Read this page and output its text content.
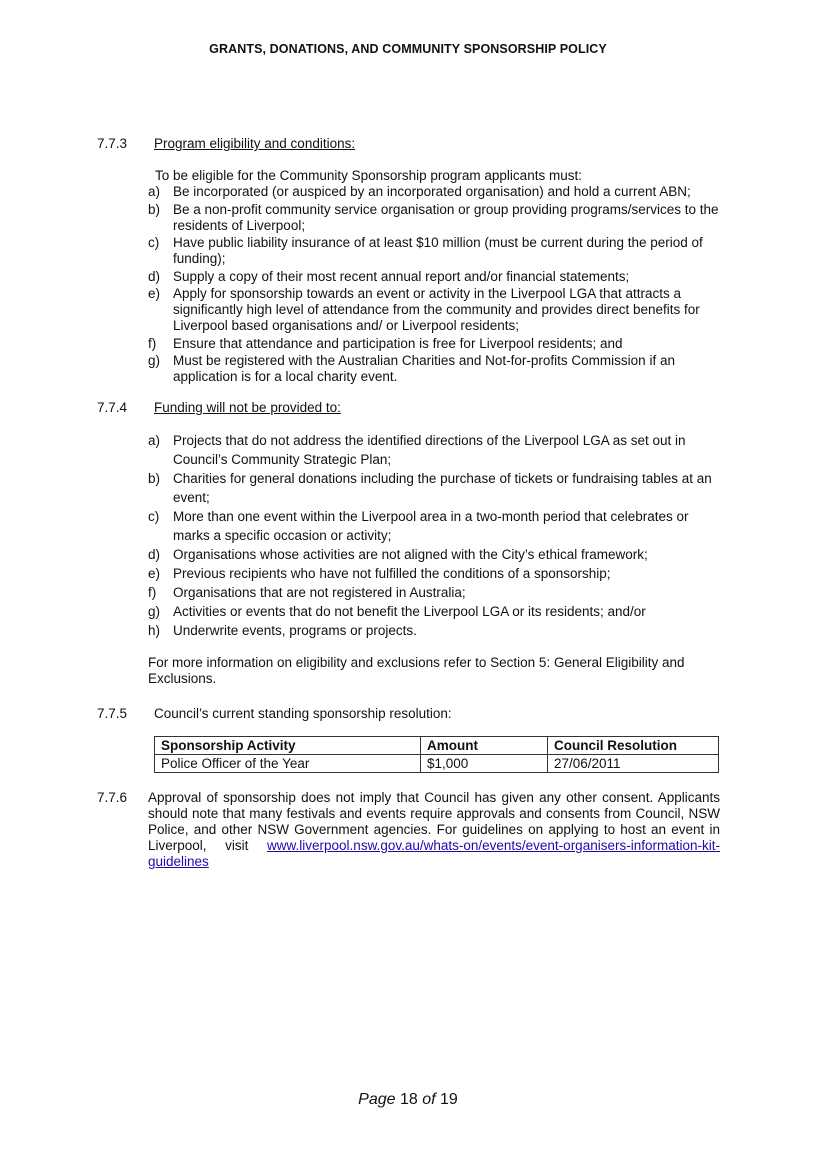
GRANTS, DONATIONS, AND COMMUNITY SPONSORSHIP POLICY
7.7.3 Program eligibility and conditions:
To be eligible for the Community Sponsorship program applicants must:
a) Be incorporated (or auspiced by an incorporated organisation) and hold a current ABN;
b) Be a non-profit community service organisation or group providing programs/services to the residents of Liverpool;
c) Have public liability insurance of at least $10 million (must be current during the period of funding);
d) Supply a copy of their most recent annual report and/or financial statements;
e) Apply for sponsorship towards an event or activity in the Liverpool LGA that attracts a significantly high level of attendance from the community and provides direct benefits for Liverpool based organisations and/ or Liverpool residents;
f) Ensure that attendance and participation is free for Liverpool residents; and
g) Must be registered with the Australian Charities and Not-for-profits Commission if an application is for a local charity event.
7.7.4 Funding will not be provided to:
a) Projects that do not address the identified directions of the Liverpool LGA as set out in Council’s Community Strategic Plan;
b) Charities for general donations including the purchase of tickets or fundraising tables at an event;
c) More than one event within the Liverpool area in a two-month period that celebrates or marks a specific occasion or activity;
d) Organisations whose activities are not aligned with the City’s ethical framework;
e) Previous recipients who have not fulfilled the conditions of a sponsorship;
f) Organisations that are not registered in Australia;
g) Activities or events that do not benefit the Liverpool LGA or its residents; and/or
h) Underwrite events, programs or projects.
For more information on eligibility and exclusions refer to Section 5: General Eligibility and Exclusions.
7.7.5 Council’s current standing sponsorship resolution:
Sponsorship Activity	Amount	Council Resolution
Police Officer of the Year	$1,000	27/06/2011
7.7.6 Approval of sponsorship does not imply that Council has given any other consent. Applicants should note that many festivals and events require approvals and consents from Council, NSW Police, and other NSW Government agencies. For guidelines on applying to host an event in Liverpool, visit www.liverpool.nsw.gov.au/whats-on/events/event-organisers-information-kit-guidelines
Page 18 of 19
